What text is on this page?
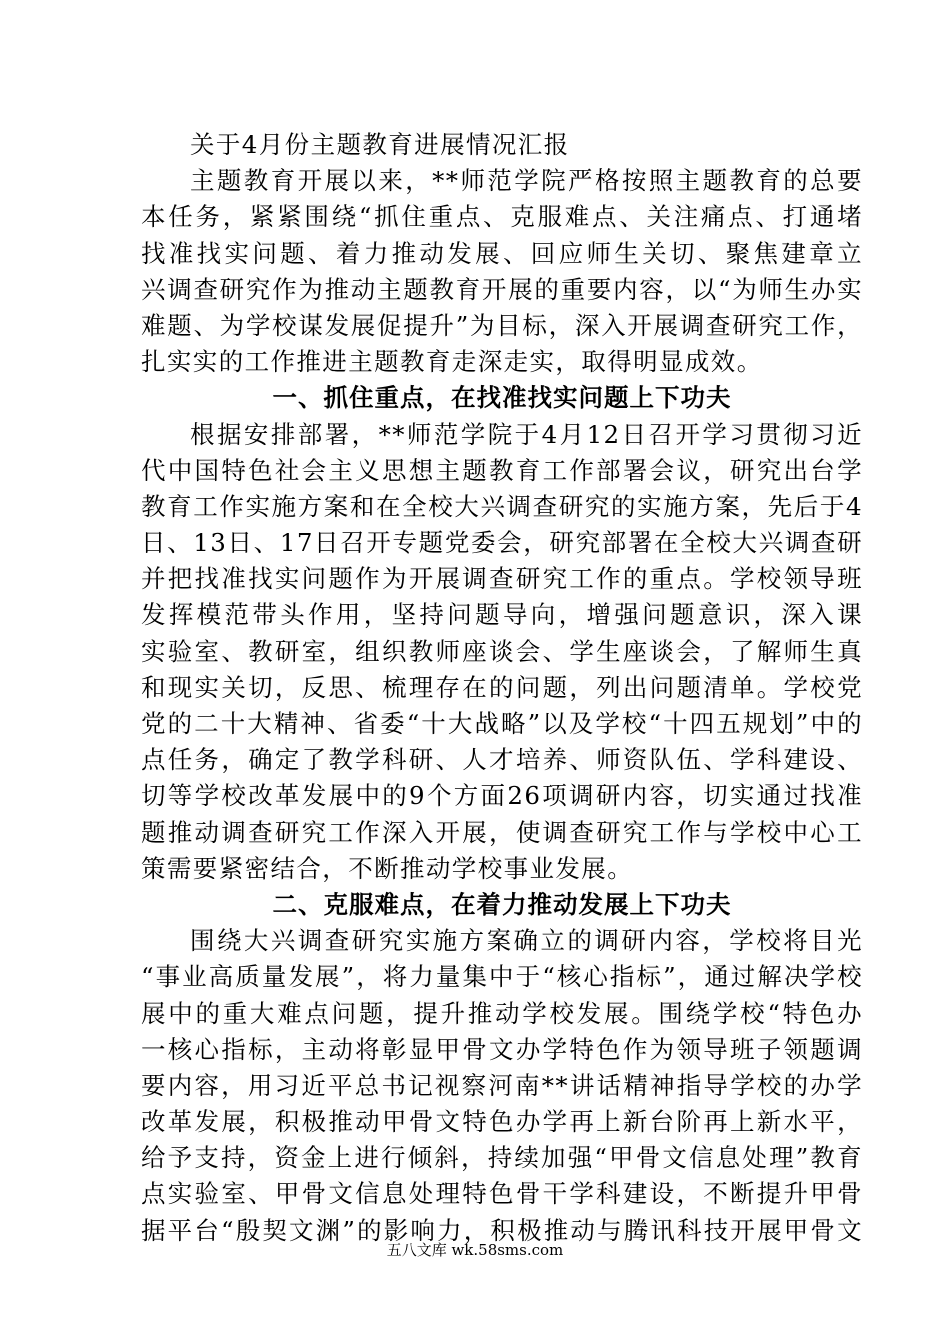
关于4月份主题教育进展情况汇报
主题教育开展以来，**师范学院严格按照主题教育的总要
本任务，紧紧围绕“抓住重点、克服难点、关注痛点、打通堵
找准找实问题、着力推动发展、回应师生关切、聚焦建章立
兴调查研究作为推动主题教育开展的重要内容，以“为师生办实
难题、为学校谋发展促提升”为目标，深入开展调查研究工作，
扎实实的工作推进主题教育走深走实，取得明显成效。
一、抓住重点，在找准找实问题上下功夫
根据安排部署，**师范学院于4月12日召开学习贯彻习近
代中国特色社会主义思想主题教育工作部署会议，研究出台学
教育工作实施方案和在全校大兴调查研究的实施方案，先后于4
日、13日、17日召开专题党委会，研究部署在全校大兴调查研
并把找准找实问题作为开展调查研究工作的重点。学校领导班
发挥模范带头作用，坚持问题导向，增强问题意识，深入课
实验室、教研室，组织教师座谈会、学生座谈会，了解师生真
和现实关切，反思、梳理存在的问题，列出问题清单。学校党
党的二十大精神、省委“十大战略”以及学校“十四五规划”中的
点任务，确定了教学科研、人才培养、师资队伍、学科建设、
切等学校改革发展中的9个方面26项调研内容，切实通过找准
题推动调查研究工作深入开展，使调查研究工作与学校中心工
策需要紧密结合，不断推动学校事业发展。
二、克服难点，在着力推动发展上下功夫
围绕大兴调查研究实施方案确立的调研内容，学校将目光
“事业高质量发展”，将力量集中于“核心指标”，通过解决学校
展中的重大难点问题，提升推动学校发展。围绕学校“特色办
一核心指标，主动将彰显甲骨文办学特色作为领导班子领题调
要内容，用习近平总书记视察河南**讲话精神指导学校的办学
改革发展，积极推动甲骨文特色办学再上新台阶再上新水平，
给予支持，资金上进行倾斜，持续加强“甲骨文信息处理”教育
点实验室、甲骨文信息处理特色骨干学科建设，不断提升甲骨
据平台“殷契文渊”的影响力，积极推动与腾讯科技开展甲骨文
五八文库 wk.58sms.com
